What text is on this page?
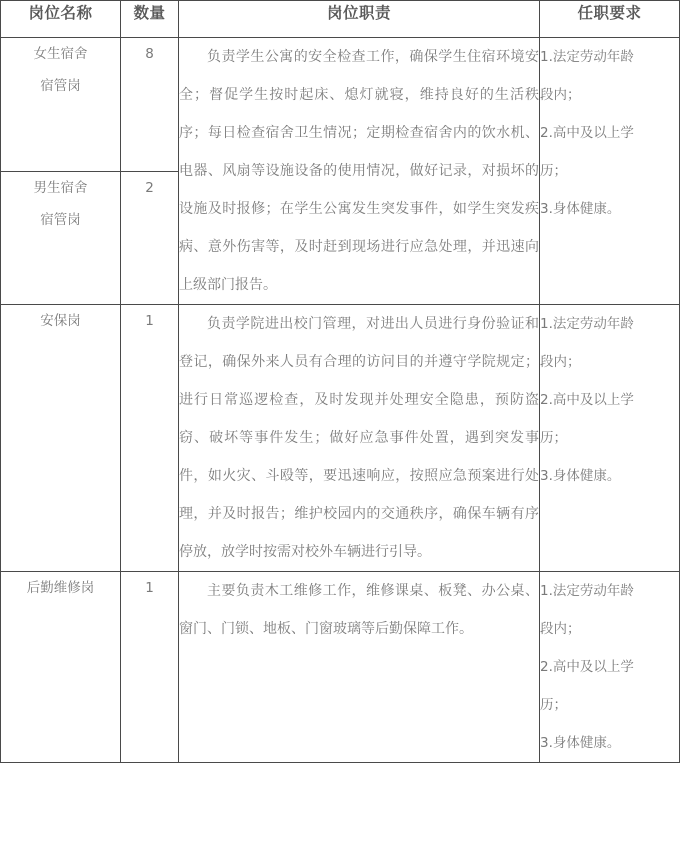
岗位名称	数量	岗位职责	任职要求

女生宿舍
宿管岗	8	负责学生公寓的安全检查工作，确保学生住宿环境安全；督促学生按时起床、熄灯就寝，维持良好的生活秩序；每日检查宿舍卫生情况；定期检查宿舍内的饮水机、电器、风扇等设施设备的使用情况，做好记录，对损坏的设施及时报修；在学生公寓发生突发事件，如学生突发疾病、意外伤害等，及时赶到现场进行应急处理，并迅速向上级部门报告。	1.法定劳动年龄
段内；
2.高中及以上学
历；
3.身体健康。

男生宿舍
宿管岗	2		

安保岗	1	负责学院进出校门管理，对进出人员进行身份验证和登记，确保外来人员有合理的访问目的并遵守学院规定；进行日常巡逻检查，及时发现并处理安全隐患，预防盗窃、破坏等事件发生；做好应急事件处置，遇到突发事件，如火灾、斗殴等，要迅速响应，按照应急预案进行处理，并及时报告；维护校园内的交通秩序，确保车辆有序停放，放学时按需对校外车辆进行引导。	1.法定劳动年龄
段内；
2.高中及以上学
历；
3.身体健康。

后勤维修岗	1	主要负责木工维修工作，维修课桌、板凳、办公桌、窗门、门锁、地板、门窗玻璃等后勤保障工作。	1.法定劳动年龄
段内；
2.高中及以上学
历；
3.身体健康。
